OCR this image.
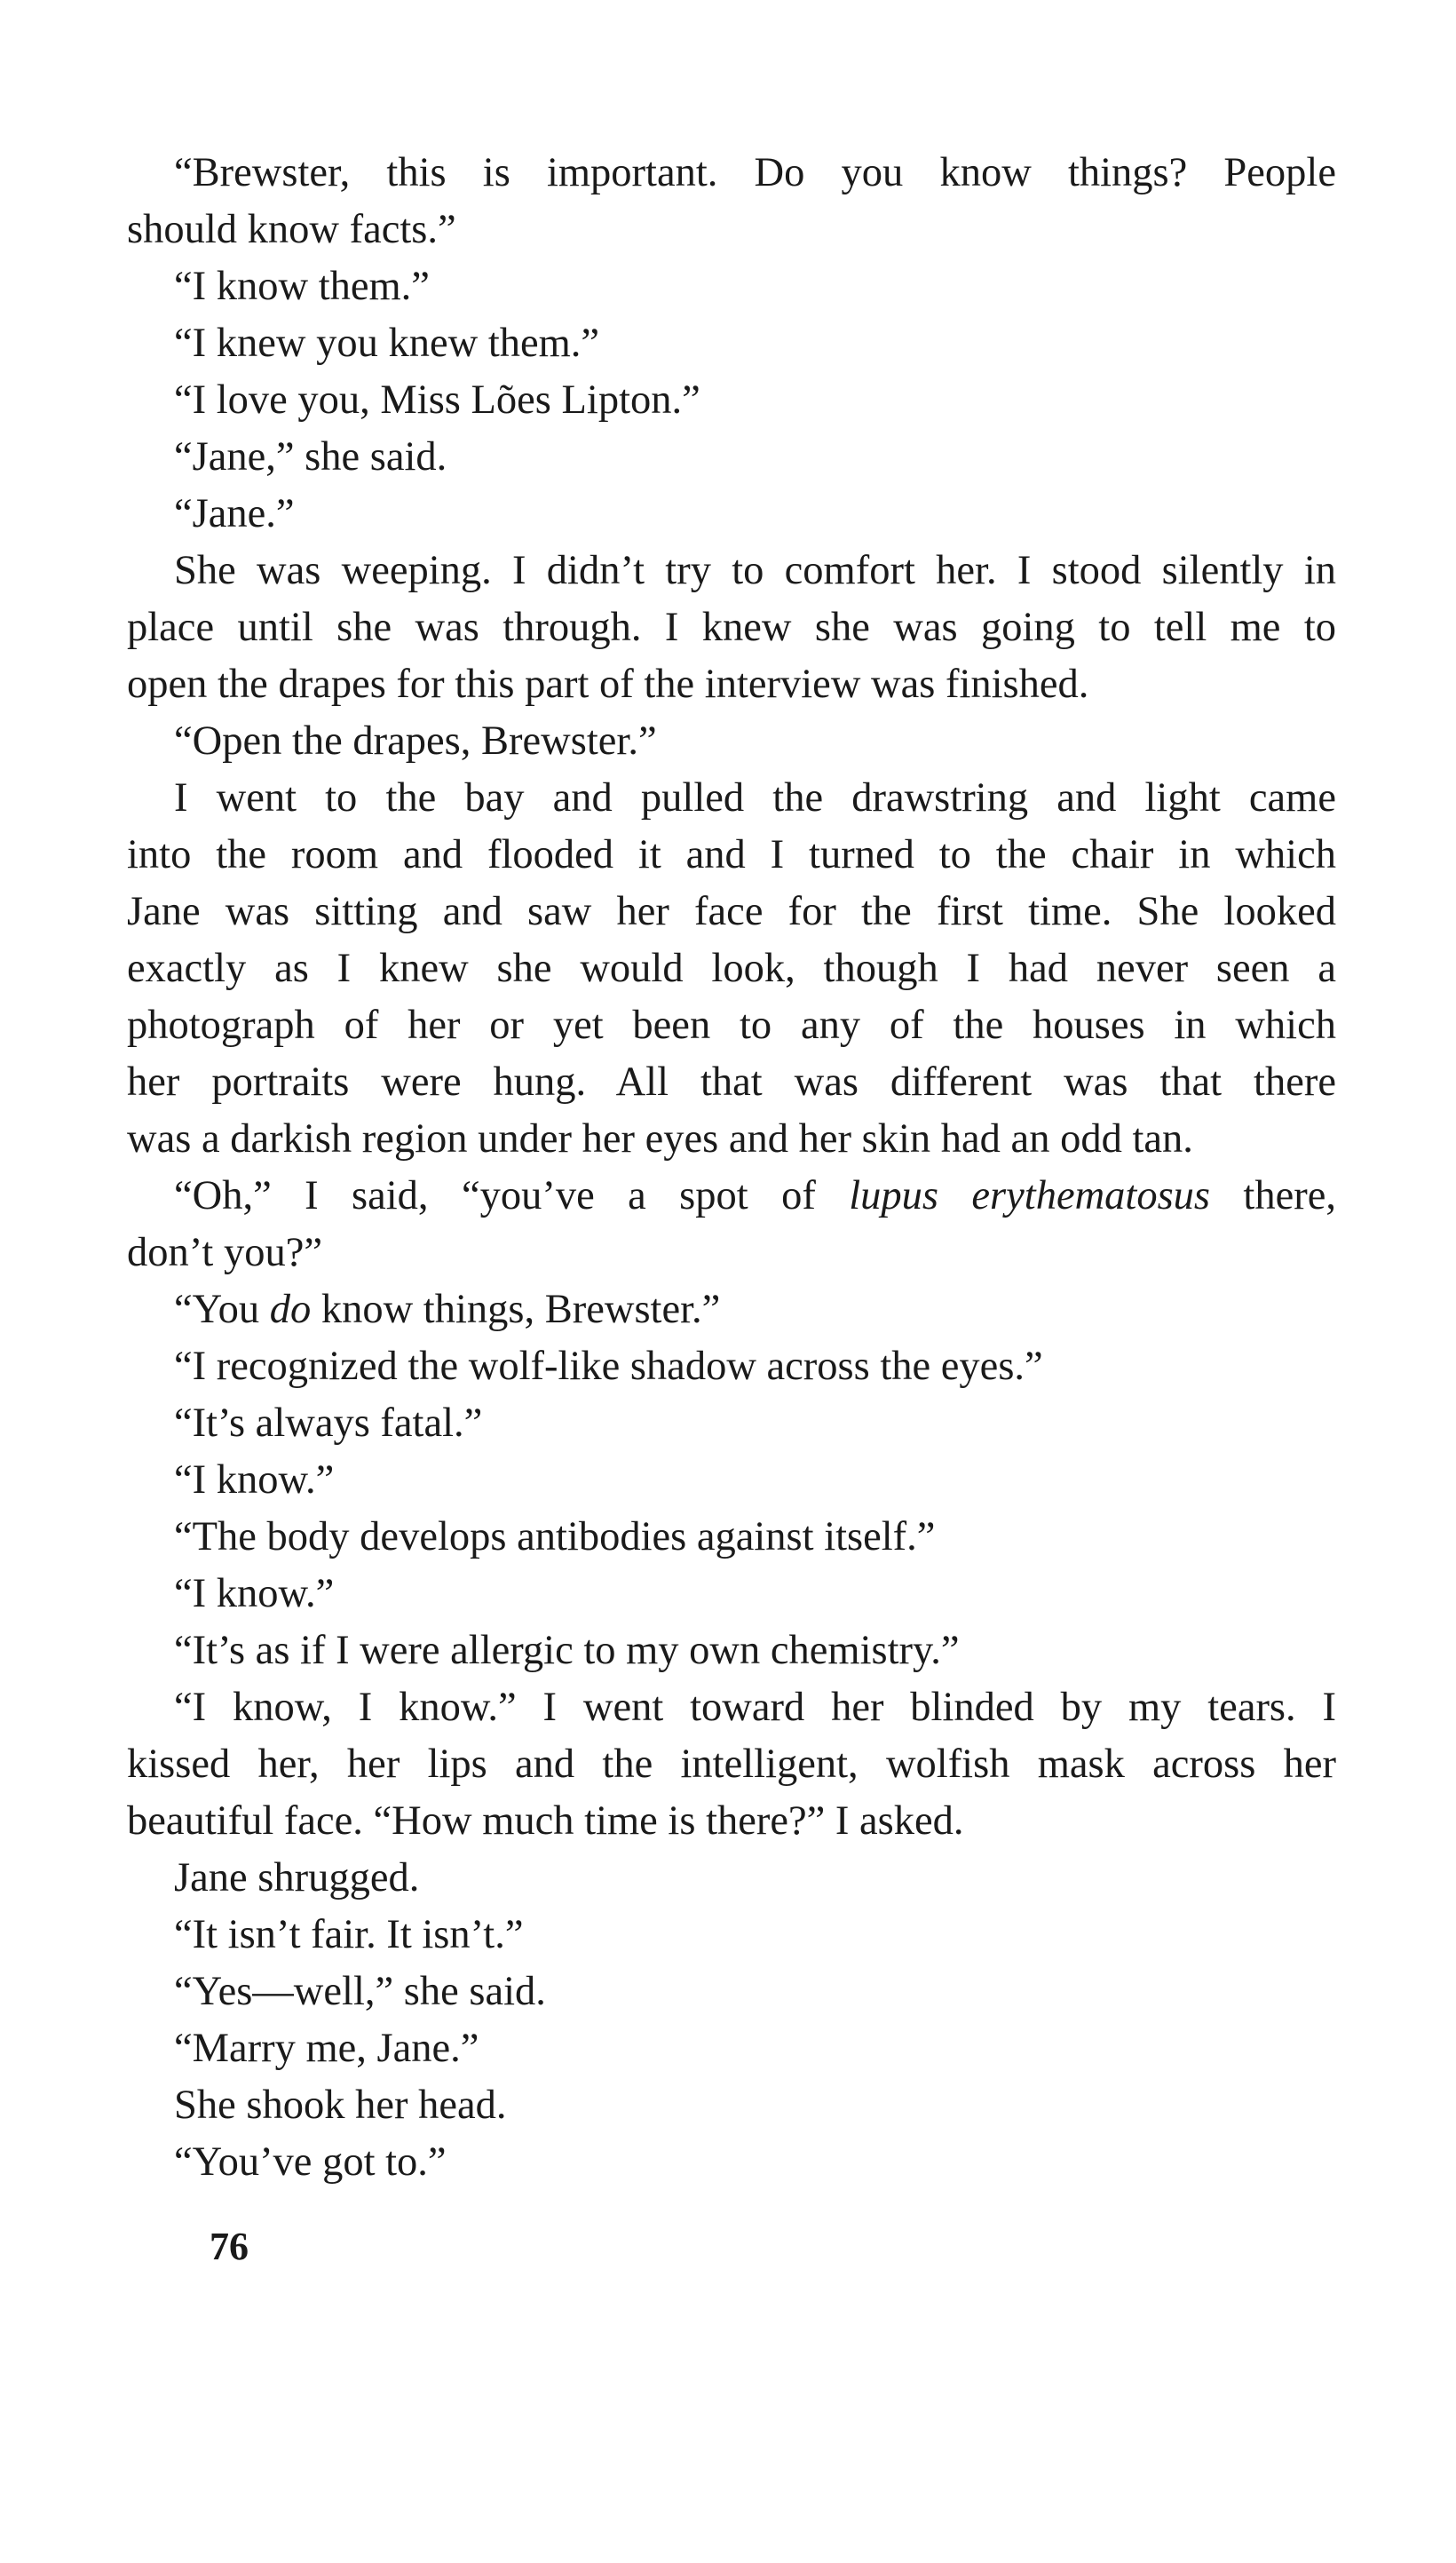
“Brewster, this is important. Do you know things? People
should know facts.”

“I know them.”

“I knew you knew them.”

“I love you, Miss Lões Lipton.”

“Jane,” she said.

“Jane.”

She was weeping. I didn’t try to comfort her. I stood silently in
place until she was through. I knew she was going to tell me to
open the drapes for this part of the interview was finished.

“Open the drapes, Brewster.”

I went to the bay and pulled the drawstring and light came
into the room and flooded it and I turned to the chair in which
Jane was sitting and saw her face for the first time. She looked
exactly as I knew she would look, though I had never seen a
photograph of her or yet been to any of the houses in which
her portraits were hung. All that was different was that there
was a darkish region under her eyes and her skin had an odd tan.

“Oh,” I said, “you’ve a spot of lupus erythematosus there,
don’t you?”

“You do know things, Brewster.”

“I recognized the wolf-like shadow across the eyes.”

“It’s always fatal.”

“I know.”

“The body develops antibodies against itself.”

“I know.”

“It’s as if I were allergic to my own chemistry.”

“I know, I know.” I went toward her blinded by my tears. I
kissed her, her lips and the intelligent, wolfish mask across her
beautiful face. “How much time is there?” I asked.

Jane shrugged.

“It isn’t fair. It isn’t.”

“Yes—well,” she said.

“Marry me, Jane.”

She shook her head.

“You’ve got to.”

76
